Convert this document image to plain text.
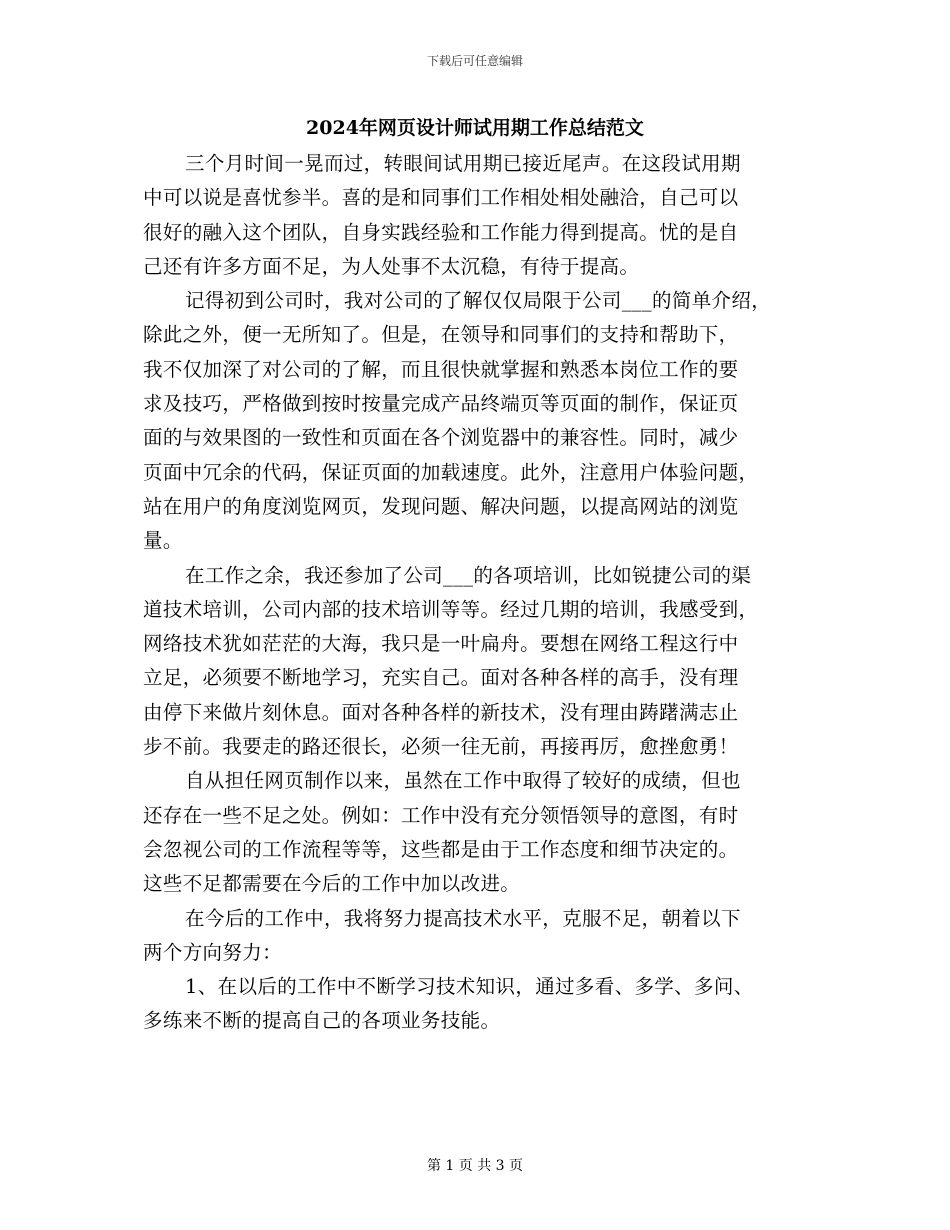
下载后可任意编辑
2024年网页设计师试用期工作总结范文
三个月时间一晃而过，转眼间试用期已接近尾声。在这段试用期
中可以说是喜忧参半。喜的是和同事们工作相处相处融洽，自己可以
很好的融入这个团队，自身实践经验和工作能力得到提高。忧的是自
己还有许多方面不足，为人处事不太沉稳，有待于提高。
记得初到公司时，我对公司的了解仅仅局限于公司___的简单介绍，
除此之外，便一无所知了。但是，在领导和同事们的支持和帮助下，
我不仅加深了对公司的了解，而且很快就掌握和熟悉本岗位工作的要
求及技巧，严格做到按时按量完成产品终端页等页面的制作，保证页
面的与效果图的一致性和页面在各个浏览器中的兼容性。同时，减少
页面中冗余的代码，保证页面的加载速度。此外，注意用户体验问题，
站在用户的角度浏览网页，发现问题、解决问题，以提高网站的浏览
量。
在工作之余，我还参加了公司___的各项培训，比如锐捷公司的渠
道技术培训，公司内部的技术培训等等。经过几期的培训，我感受到，
网络技术犹如茫茫的大海，我只是一叶扁舟。要想在网络工程这行中
立足，必须要不断地学习，充实自己。面对各种各样的高手，没有理
由停下来做片刻休息。面对各种各样的新技术，没有理由踌躇满志止
步不前。我要走的路还很长，必须一往无前，再接再厉，愈挫愈勇！
自从担任网页制作以来，虽然在工作中取得了较好的成绩，但也
还存在一些不足之处。例如：工作中没有充分领悟领导的意图，有时
会忽视公司的工作流程等等，这些都是由于工作态度和细节决定的。
这些不足都需要在今后的工作中加以改进。
在今后的工作中，我将努力提高技术水平，克服不足，朝着以下
两个方向努力：
1、在以后的工作中不断学习技术知识，通过多看、多学、多问、
多练来不断的提高自己的各项业务技能。
第 1 页 共 3 页
